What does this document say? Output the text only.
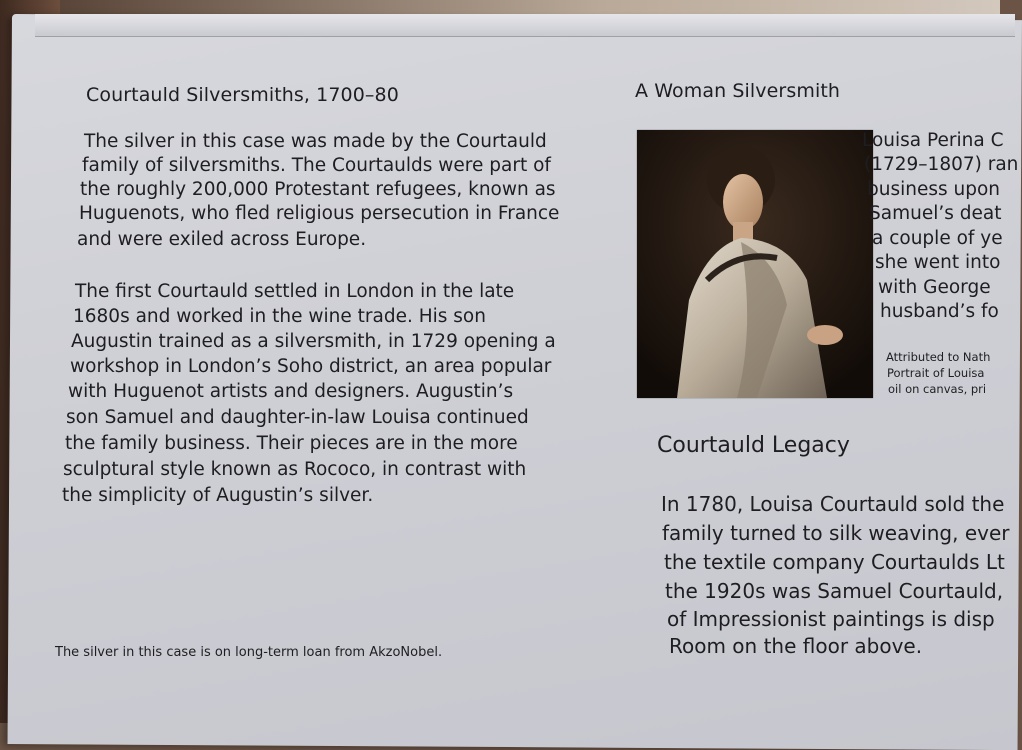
Courtauld Silversmiths, 1700–80
The silver in this case was made by the Courtauld
family of silversmiths. The Courtaulds were part of
the roughly 200,000 Protestant refugees, known as
Huguenots, who fled religious persecution in France
and were exiled across Europe.
The first Courtauld settled in London in the late
1680s and worked in the wine trade. His son
Augustin trained as a silversmith, in 1729 opening a
workshop in London’s Soho district, an area popular
with Huguenot artists and designers. Augustin’s
son Samuel and daughter-in-law Louisa continued
the family business. Their pieces are in the more
sculptural style known as Rococo, in contrast with
the simplicity of Augustin’s silver.
The silver in this case is on long-term loan from AkzoNobel.
A Woman Silversmith
Louisa Perina C
(1729–1807) ran
business upon
Samuel’s deat
a couple of ye
she went into
with George
husband’s fo
Attributed to Nath
Portrait of Louisa
oil on canvas, pri
Courtauld Legacy
In 1780, Louisa Courtauld sold the
family turned to silk weaving, ever
the textile company Courtaulds Lt
the 1920s was Samuel Courtauld,
of Impressionist paintings is disp
Room on the floor above.
